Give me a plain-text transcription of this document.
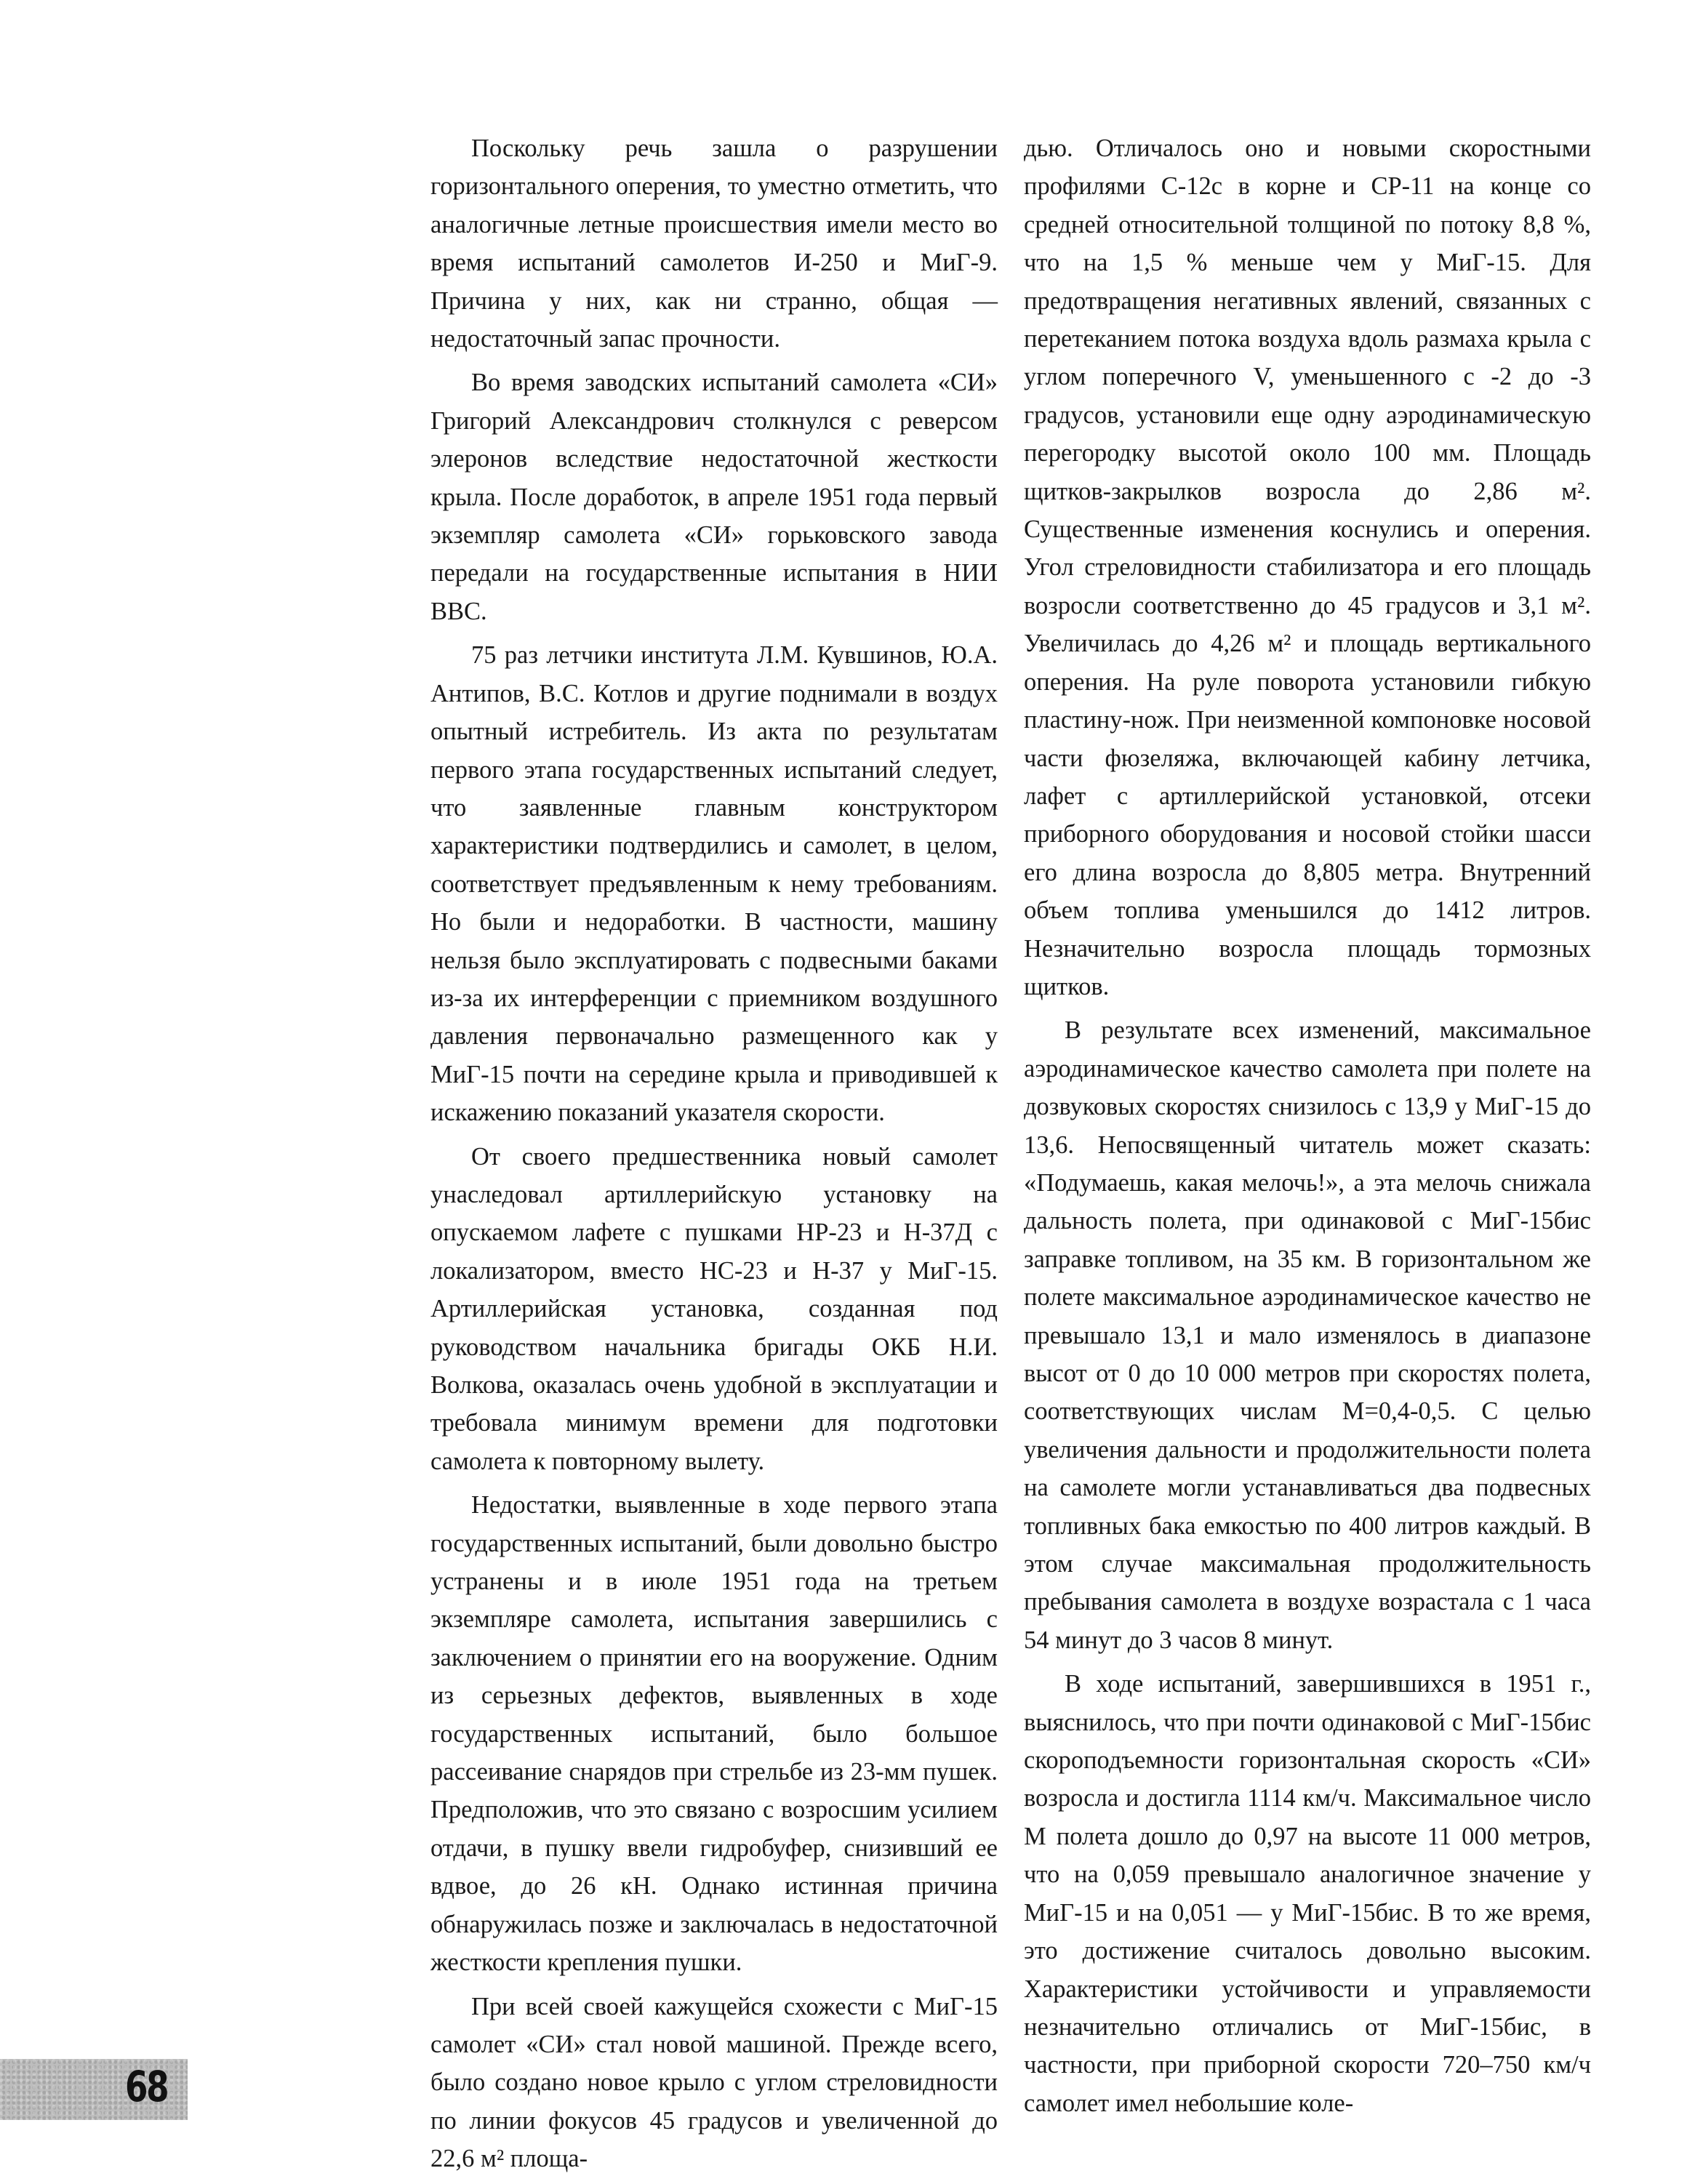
Поскольку речь зашла о разрушении горизонтального оперения, то уместно отметить, что аналогичные летные происшествия имели место во время испытаний самолетов И-250 и МиГ-9. Причина у них, как ни странно, общая — недостаточный запас прочности.

Во время заводских испытаний самолета «СИ» Григорий Александрович столкнулся с реверсом элеронов вследствие недостаточной жесткости крыла. После доработок, в апреле 1951 года первый экземпляр самолета «СИ» горьковского завода передали на государственные испытания в НИИ ВВС.

75 раз летчики института Л.М. Кувшинов, Ю.А. Антипов, В.С. Котлов и другие поднимали в воздух опытный истребитель. Из акта по результатам первого этапа государственных испытаний следует, что заявленные главным конструктором характеристики подтвердились и самолет, в целом, соответствует предъявленным к нему требованиям. Но были и недоработки. В частности, машину нельзя было эксплуатировать с подвесными баками из-за их интерференции с приемником воздушного давления первоначально размещенного как у МиГ-15 почти на середине крыла и приводившей к искажению показаний указателя скорости.

От своего предшественника новый самолет унаследовал артиллерийскую установку на опускаемом лафете с пушками НР-23 и Н-37Д с локализатором, вместо НС-23 и Н-37 у МиГ-15. Артиллерийская установка, созданная под руководством начальника бригады ОКБ Н.И. Волкова, оказалась очень удобной в эксплуатации и требовала минимум времени для подготовки самолета к повторному вылету.

Недостатки, выявленные в ходе первого этапа государственных испытаний, были довольно быстро устранены и в июле 1951 года на третьем экземпляре самолета, испытания завершились с заключением о принятии его на вооружение. Одним из серьезных дефектов, выявленных в ходе государственных испытаний, было большое рассеивание снарядов при стрельбе из 23-мм пушек. Предположив, что это связано с возросшим усилием отдачи, в пушку ввели гидробуфер, снизивший ее вдвое, до 26 кН. Однако истинная причина обнаружилась позже и заключалась в недостаточной жесткости крепления пушки.

При всей своей кажущейся схожести с МиГ-15 самолет «СИ» стал новой машиной. Прежде всего, было создано новое крыло с углом стреловидности по линии фокусов 45 градусов и увеличенной до 22,6 м² площа-

дью. Отличалось оно и новыми скоростными профилями С-12с в корне и СР-11 на конце со средней относительной толщиной по потоку 8,8 %, что на 1,5 % меньше чем у МиГ-15. Для предотвращения негативных явлений, связанных с перетеканием потока воздуха вдоль размаха крыла с углом поперечного V, уменьшенного с -2 до -3 градусов, установили еще одну аэродинамическую перегородку высотой около 100 мм. Площадь щитков-закрылков возросла до 2,86 м². Существенные изменения коснулись и оперения. Угол стреловидности стабилизатора и его площадь возросли соответственно до 45 градусов и 3,1 м². Увеличилась до 4,26 м² и площадь вертикального оперения. На руле поворота установили гибкую пластину-нож. При неизменной компоновке носовой части фюзеляжа, включающей кабину летчика, лафет с артиллерийской установкой, отсеки приборного оборудования и носовой стойки шасси его длина возросла до 8,805 метра. Внутренний объем топлива уменьшился до 1412 литров. Незначительно возросла площадь тормозных щитков.

В результате всех изменений, максимальное аэродинамическое качество самолета при полете на дозвуковых скоростях снизилось с 13,9 у МиГ-15 до 13,6. Непосвященный читатель может сказать: «Подумаешь, какая мелочь!», а эта мелочь снижала дальность полета, при одинаковой с МиГ-15бис заправке топливом, на 35 км. В горизонтальном же полете максимальное аэродинамическое качество не превышало 13,1 и мало изменялось в диапазоне высот от 0 до 10 000 метров при скоростях полета, соответствующих числам М=0,4-0,5. С целью увеличения дальности и продолжительности полета на самолете могли устанавливаться два подвесных топливных бака емкостью по 400 литров каждый. В этом случае максимальная продолжительность пребывания самолета в воздухе возрастала с 1 часа 54 минут до 3 часов 8 минут.

В ходе испытаний, завершившихся в 1951 г., выяснилось, что при почти одинаковой с МиГ-15бис скороподъемности горизонтальная скорость «СИ» возросла и достигла 1114 км/ч. Максимальное число М полета дошло до 0,97 на высоте 11 000 метров, что на 0,059 превышало аналогичное значение у МиГ-15 и на 0,051 — у МиГ-15бис. В то же время, это достижение считалось довольно высоким. Характеристики устойчивости и управляемости незначительно отличались от МиГ-15бис, в частности, при приборной скорости 720–750 км/ч самолет имел небольшие коле-

68
